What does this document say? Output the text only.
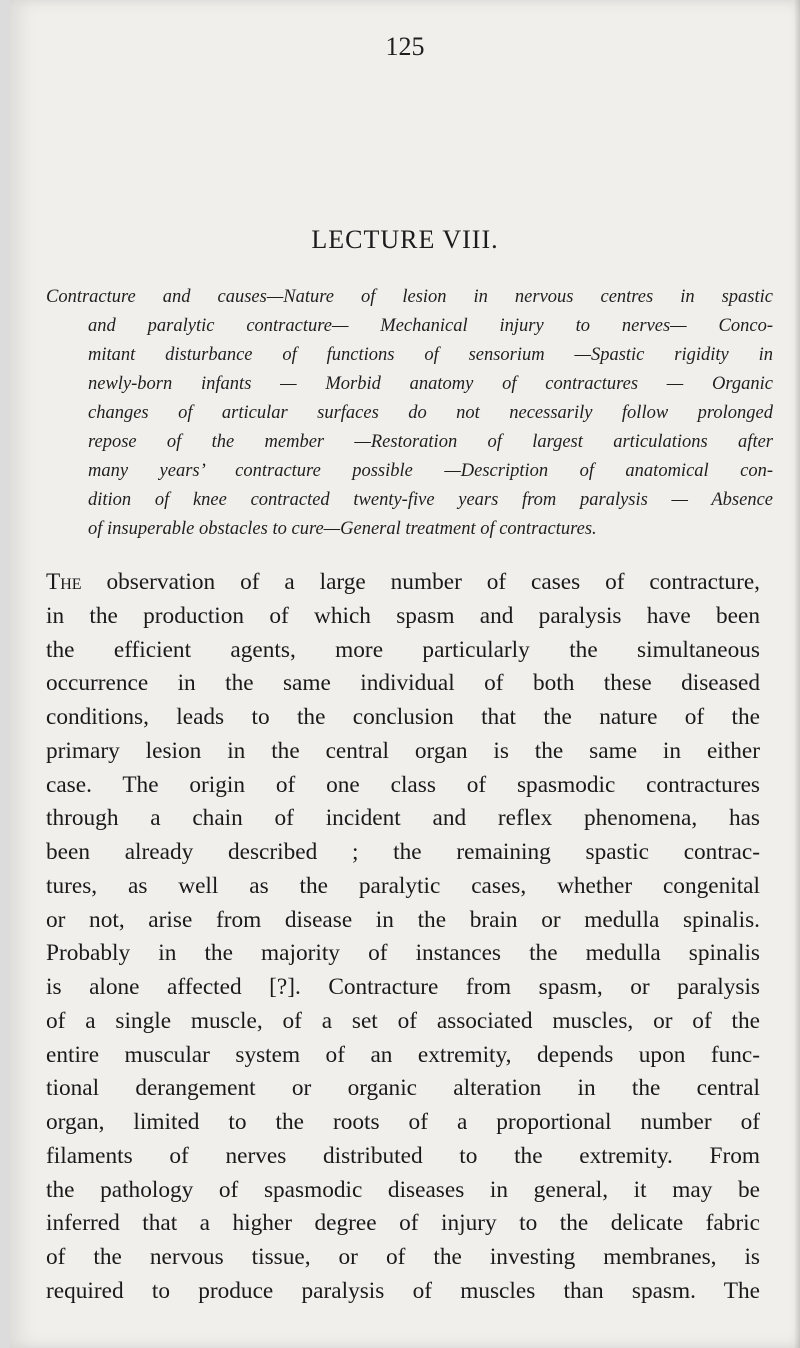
125
LECTURE VIII.
Contracture and causes—Nature of lesion in nervous centres in spastic
and paralytic contracture— Mechanical injury to nerves— Conco-
mitant disturbance of functions of sensorium —Spastic rigidity in
newly-born infants — Morbid anatomy of contractures — Organic
changes of articular surfaces do not necessarily follow prolonged
repose of the member —Restoration of largest articulations after
many years’ contracture possible —Description of anatomical con-
dition of knee contracted twenty-five years from paralysis — Absence
of insuperable obstacles to cure—General treatment of contractures.
The observation of a large number of cases of contracture,
in the production of which spasm and paralysis have been
the efficient agents, more particularly the simultaneous
occurrence in the same individual of both these diseased
conditions, leads to the conclusion that the nature of the
primary lesion in the central organ is the same in either
case. The origin of one class of spasmodic contractures
through a chain of incident and reflex phenomena, has
been already described ; the remaining spastic contrac-
tures, as well as the paralytic cases, whether congenital
or not, arise from disease in the brain or medulla spinalis.
Probably in the majority of instances the medulla spinalis
is alone affected [?]. Contracture from spasm, or paralysis
of a single muscle, of a set of associated muscles, or of the
entire muscular system of an extremity, depends upon func-
tional derangement or organic alteration in the central
organ, limited to the roots of a proportional number of
filaments of nerves distributed to the extremity. From
the pathology of spasmodic diseases in general, it may be
inferred that a higher degree of injury to the delicate fabric
of the nervous tissue, or of the investing membranes, is
required to produce paralysis of muscles than spasm. The
